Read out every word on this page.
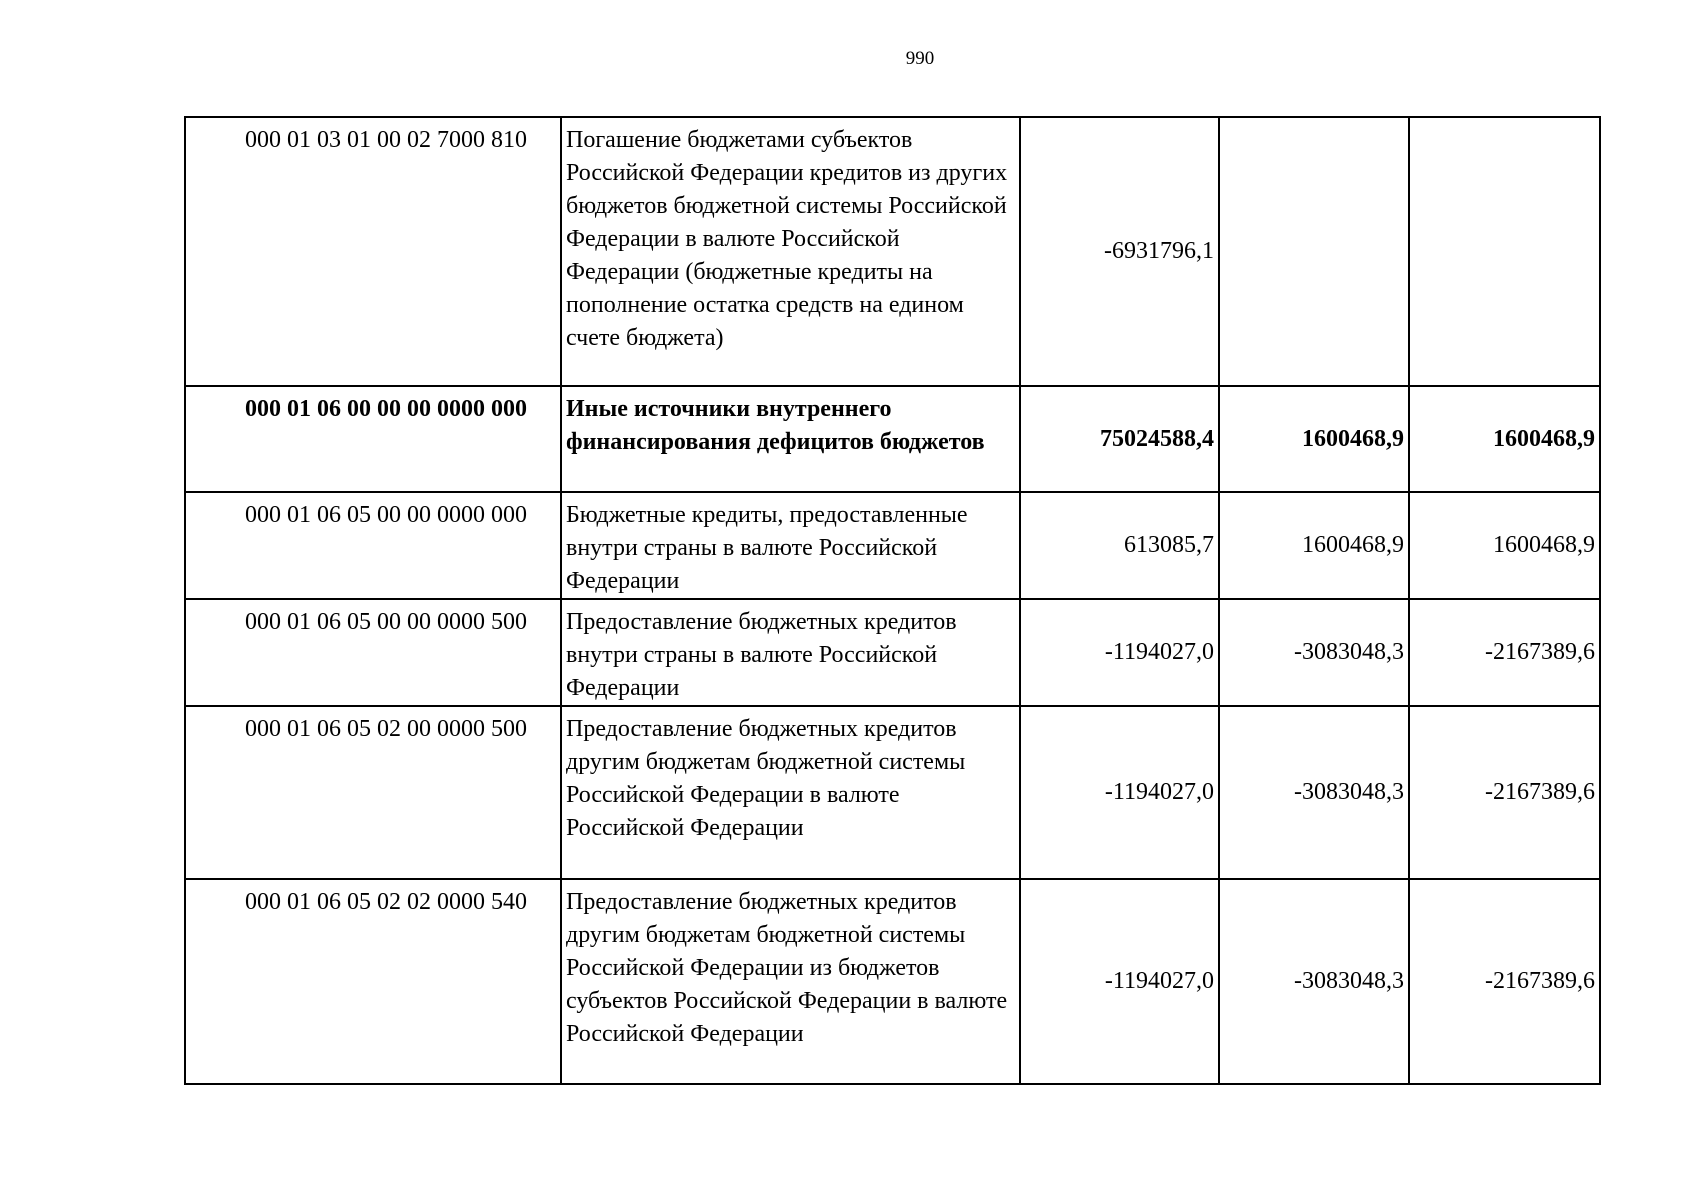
990
000 01 03 01 00 02 7000 810	Погашение бюджетами субъектов Российской Федерации кредитов из других бюджетов бюджетной системы Российской Федерации в валюте Российской Федерации (бюджетные кредиты на пополнение остатка средств на едином счете бюджета)	-6931796,1		
000 01 06 00 00 00 0000 000	Иные источники внутреннего финансирования дефицитов бюджетов	75024588,4	1600468,9	1600468,9
000 01 06 05 00 00 0000 000	Бюджетные кредиты, предоставленные внутри страны в валюте Российской Федерации	613085,7	1600468,9	1600468,9
000 01 06 05 00 00 0000 500	Предоставление бюджетных кредитов внутри страны в валюте Российской Федерации	-1194027,0	-3083048,3	-2167389,6
000 01 06 05 02 00 0000 500	Предоставление бюджетных кредитов другим бюджетам бюджетной системы Российской Федерации в валюте Российской Федерации	-1194027,0	-3083048,3	-2167389,6
000 01 06 05 02 02 0000 540	Предоставление бюджетных кредитов другим бюджетам бюджетной системы Российской Федерации из бюджетов субъектов Российской Федерации в валюте Российской Федерации	-1194027,0	-3083048,3	-2167389,6
